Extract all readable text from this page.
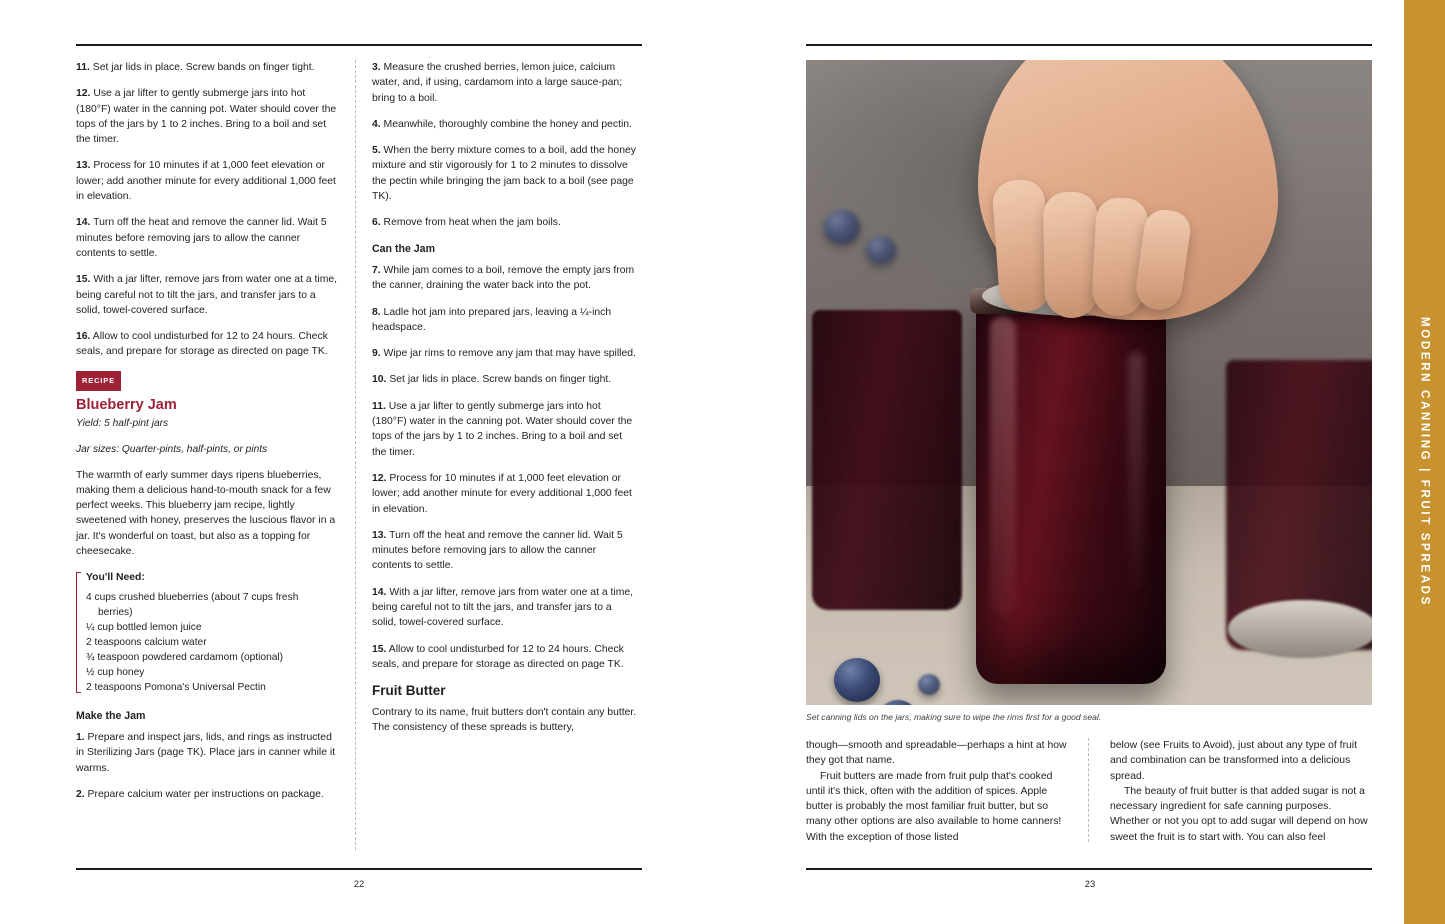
11. Set jar lids in place. Screw bands on finger tight.

12. Use a jar lifter to gently submerge jars into hot (180°F) water in the canning pot. Water should cover the tops of the jars by 1 to 2 inches. Bring to a boil and set the timer.

13. Process for 10 minutes if at 1,000 feet elevation or lower; add another minute for every additional 1,000 feet in elevation.

14. Turn off the heat and remove the canner lid. Wait 5 minutes before removing jars to allow the canner contents to settle.

15. With a jar lifter, remove jars from water one at a time, being careful not to tilt the jars, and transfer jars to a solid, towel-covered surface.

16. Allow to cool undisturbed for 12 to 24 hours. Check seals, and prepare for storage as directed on page TK.

RECIPE
Blueberry Jam

Yield: 5 half-pint jars

Jar sizes: Quarter-pints, half-pints, or pints

The warmth of early summer days ripens blueberries, making them a delicious hand-to-mouth snack for a few perfect weeks. This blueberry jam recipe, lightly sweetened with honey, preserves the luscious flavor in a jar. It's wonderful on toast, but also as a topping for cheesecake.

You'll Need:
4 cups crushed blueberries (about 7 cups fresh
berries)
¼ cup bottled lemon juice
2 teaspoons calcium water
¾ teaspoon powdered cardamom (optional)
½ cup honey
2 teaspoons Pomona's Universal Pectin
Make the Jam

1. Prepare and inspect jars, lids, and rings as instructed in Sterilizing Jars (page TK). Place jars in canner while it warms.

2. Prepare calcium water per instructions on package.

3. Measure the crushed berries, lemon juice, calcium water, and, if using, cardamom into a large sauce-pan; bring to a boil.

4. Meanwhile, thoroughly combine the honey and pectin.

5. When the berry mixture comes to a boil, add the honey mixture and stir vigorously for 1 to 2 minutes to dissolve the pectin while bringing the jam back to a boil (see page TK).

6. Remove from heat when the jam boils.

Can the Jam

7. While jam comes to a boil, remove the empty jars from the canner, draining the water back into the pot.

8. Ladle hot jam into prepared jars, leaving a ¼-inch headspace.

9. Wipe jar rims to remove any jam that may have spilled.

10. Set jar lids in place. Screw bands on finger tight.

11. Use a jar lifter to gently submerge jars into hot (180°F) water in the canning pot. Water should cover the tops of the jars by 1 to 2 inches. Bring to a boil and set the timer.

12. Process for 10 minutes if at 1,000 feet elevation or lower; add another minute for every additional 1,000 feet in elevation.

13. Turn off the heat and remove the canner lid. Wait 5 minutes before removing jars to allow the canner contents to settle.

14. With a jar lifter, remove jars from water one at a time, being careful not to tilt the jars, and transfer jars to a solid, towel-covered surface.

15. Allow to cool undisturbed for 12 to 24 hours. Check seals, and prepare for storage as directed on page TK.

Fruit Butter

Contrary to its name, fruit butters don't contain any butter. The consistency of these spreads is buttery,

22
Set canning lids on the jars, making sure to wipe the rims first for a good seal.

though—smooth and spreadable—perhaps a hint at how they got that name.

Fruit butters are made from fruit pulp that's cooked until it's thick, often with the addition of spices. Apple butter is probably the most familiar fruit butter, but so many other options are also available to home canners! With the exception of those listed

below (see Fruits to Avoid), just about any type of fruit and combination can be transformed into a delicious spread.

The beauty of fruit butter is that added sugar is not a necessary ingredient for safe canning purposes. Whether or not you opt to add sugar will depend on how sweet the fruit is to start with. You can also feel

23
MODERN CANNING | FRUIT SPREADS
